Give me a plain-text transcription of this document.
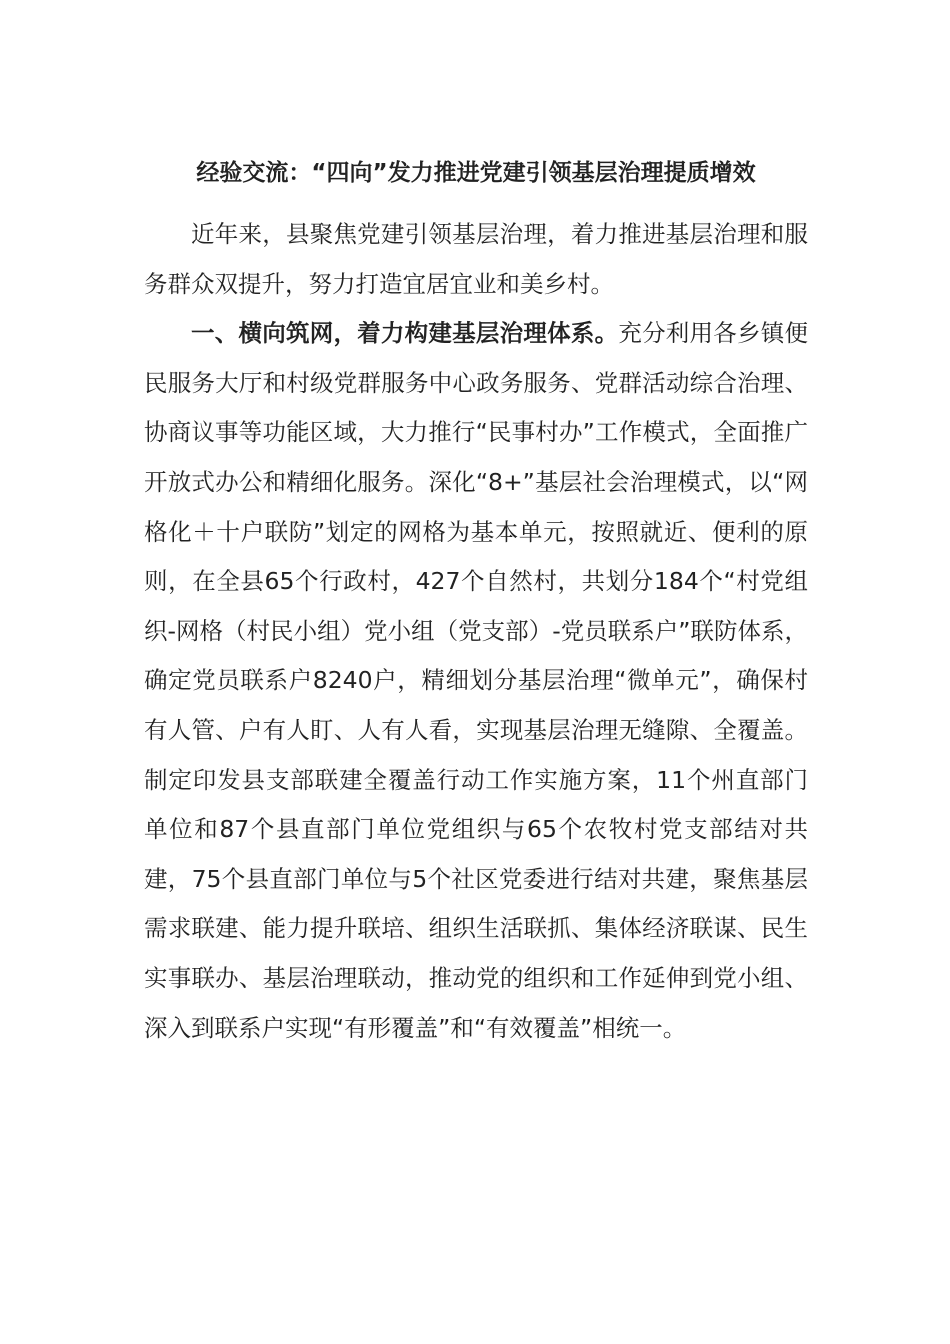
经验交流：“四向”发力推进党建引领基层治理提质增效

近年来，县聚焦党建引领基层治理，着力推进基层治理和服务群众双提升，努力打造宜居宜业和美乡村。

一、横向筑网，着力构建基层治理体系。充分利用各乡镇便民服务大厅和村级党群服务中心政务服务、党群活动综合治理、协商议事等功能区域，大力推行“民事村办”工作模式，全面推广开放式办公和精细化服务。深化“8+”基层社会治理模式，以“网格化＋十户联防”划定的网格为基本单元，按照就近、便利的原则，在全县65个行政村，427个自然村，共划分184个“村党组织-网格（村民小组）党小组（党支部）-党员联系户”联防体系，确定党员联系户8240户，精细划分基层治理“微单元”，确保村有人管、户有人盯、人有人看，实现基层治理无缝隙、全覆盖。制定印发县支部联建全覆盖行动工作实施方案，11个州直部门单位和87个县直部门单位党组织与65个农牧村党支部结对共建，75个县直部门单位与5个社区党委进行结对共建，聚焦基层需求联建、能力提升联培、组织生活联抓、集体经济联谋、民生实事联办、基层治理联动，推动党的组织和工作延伸到党小组、深入到联系户实现“有形覆盖”和“有效覆盖”相统一。
